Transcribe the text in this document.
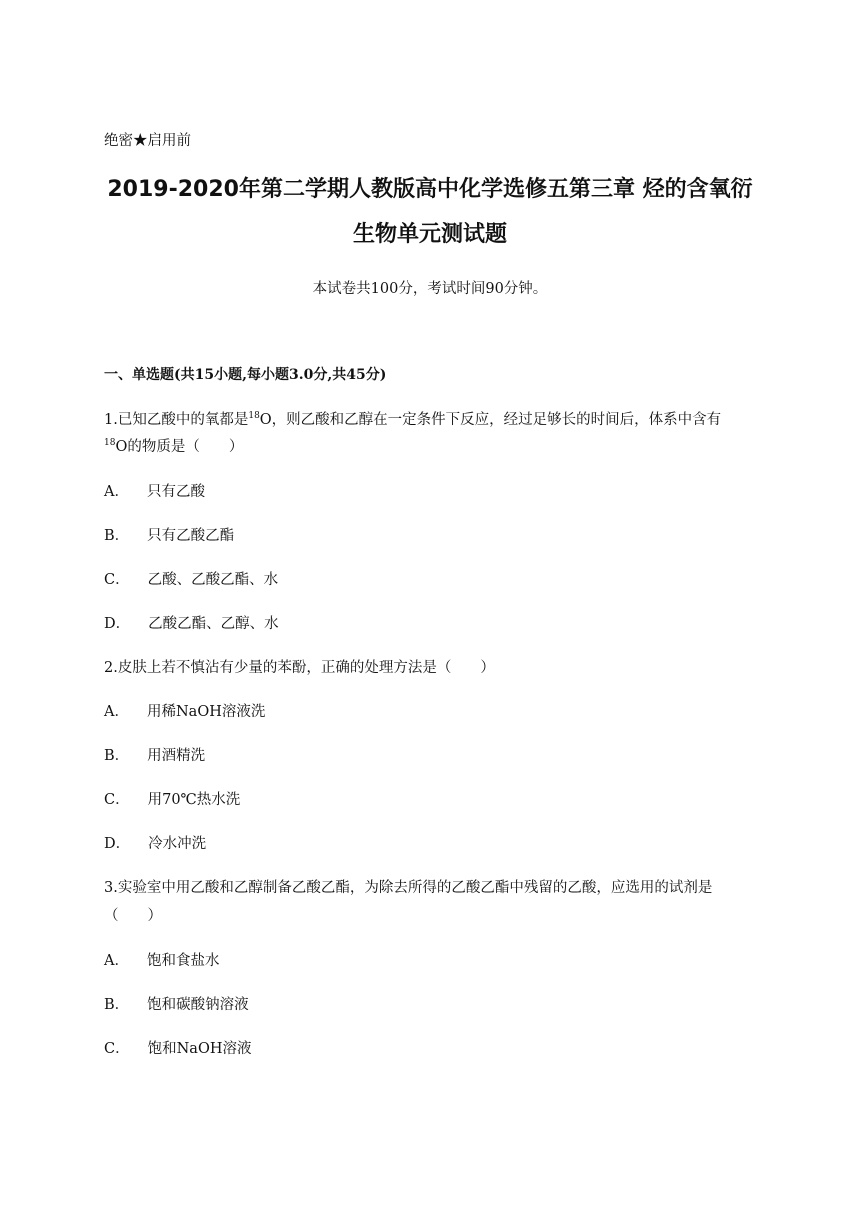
绝密★启用前
2019-2020年第二学期人教版高中化学选修五第三章 烃的含氧衍
生物单元测试题
本试卷共100分，考试时间90分钟。
一、单选题(共15小题,每小题3.0分,共45分)
1.已知乙酸中的氧都是$^{18}$O，则乙酸和乙醇在一定条件下反应，经过足够长的时间后，体系中含有
$^{18}$O的物质是（　　）
A． 只有乙酸
B． 只有乙酸乙酯
C． 乙酸、乙酸乙酯、水
D． 乙酸乙酯、乙醇、水
2.皮肤上若不慎沾有少量的苯酚，正确的处理方法是（　　）
A． 用稀NaOH溶液洗
B． 用酒精洗
C． 用70℃热水洗
D． 冷水冲洗
3.实验室中用乙酸和乙醇制备乙酸乙酯，为除去所得的乙酸乙酯中残留的乙酸，应选用的试剂是
（　　）
A． 饱和食盐水
B． 饱和碳酸钠溶液
C． 饱和NaOH溶液
